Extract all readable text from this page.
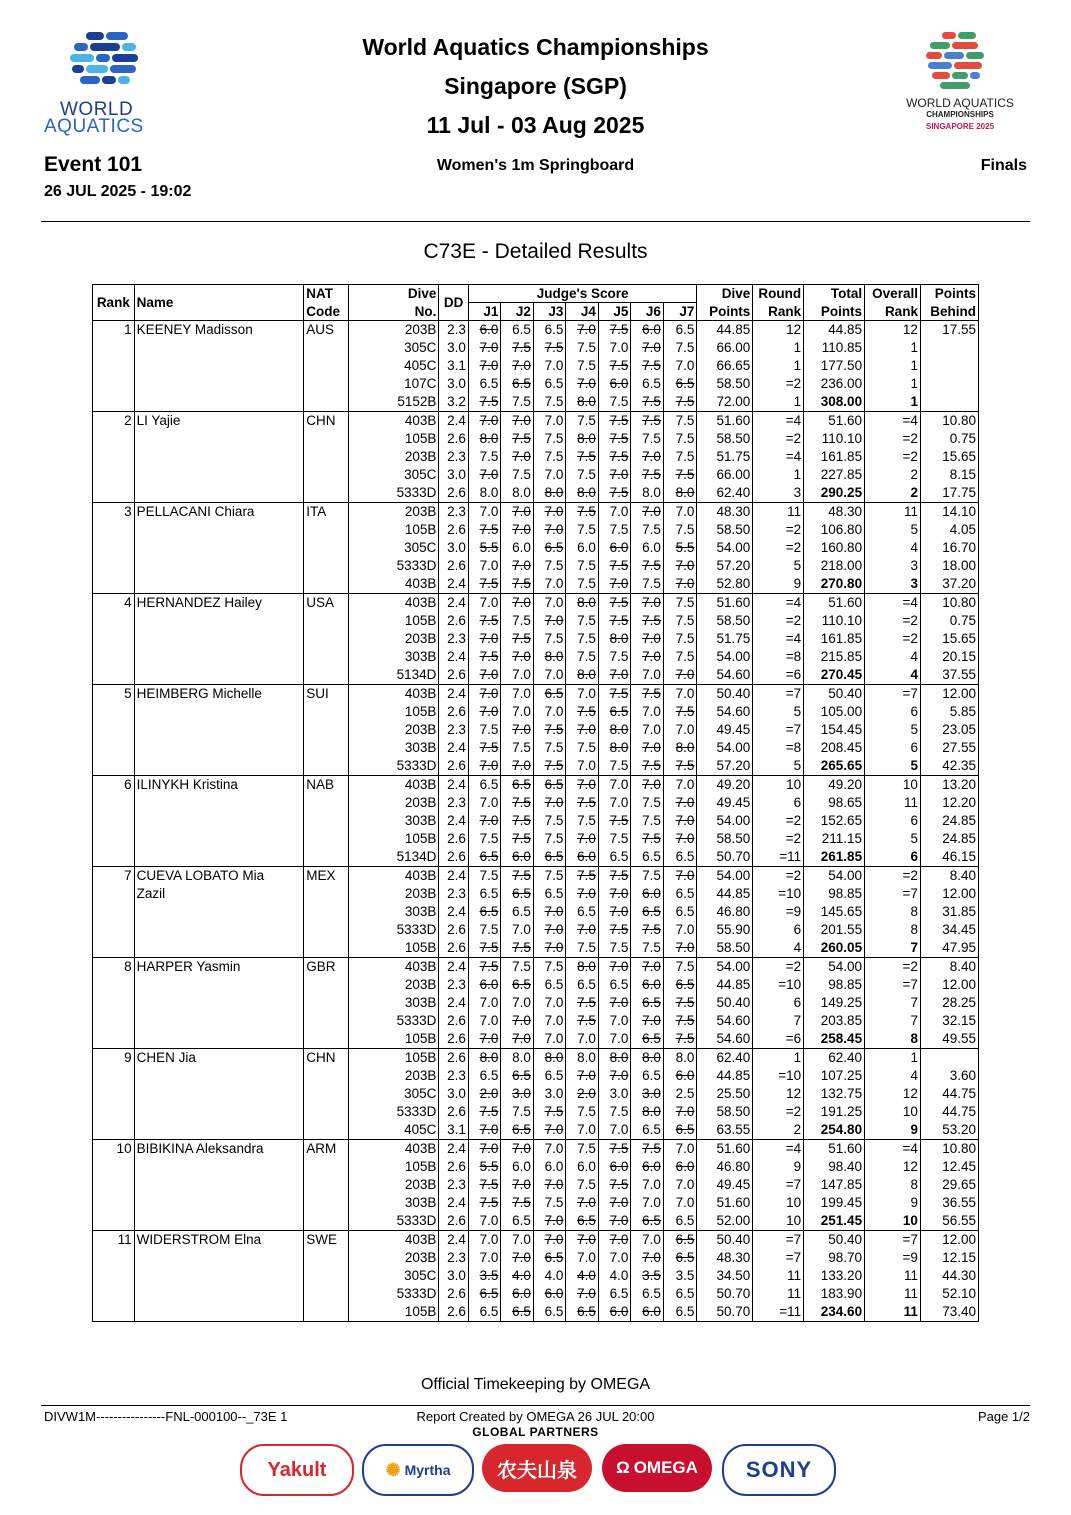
WORLD
AQUATICS
World Aquatics Championships
Singapore (SGP)
11 Jul - 03 Aug 2025
WORLD AQUATICS
CHAMPIONSHIPS
SINGAPORE 2025
Event 101
26 JUL 2025 - 19:02
Women's 1m Springboard	Finals
C73E - Detailed Results
Rank	Name	NAT	Dive	DD	Judge's Score							Dive	Round	Total	Overall	Points
		Code	No.		J1	J2	J3	J4	J5	J6	J7	Points	Rank	Points	Rank	Behind
1	KEENEY Madisson	AUS	203B	2.3	6.0	6.5	6.5	7.0	7.5	6.0	6.5	44.85	12	44.85	12	17.55
			305C	3.0	7.0	7.5	7.5	7.5	7.0	7.0	7.5	66.00	1	110.85	1	
			405C	3.1	7.0	7.0	7.0	7.5	7.5	7.5	7.0	66.65	1	177.50	1	
			107C	3.0	6.5	6.5	6.5	7.0	6.0	6.5	6.5	58.50	=2	236.00	1	
			5152B	3.2	7.5	7.5	7.5	8.0	7.5	7.5	7.5	72.00	1	308.00	1	
2	LI Yajie	CHN	403B	2.4	7.0	7.0	7.0	7.5	7.5	7.5	7.5	51.60	=4	51.60	=4	10.80
			105B	2.6	8.0	7.5	7.5	8.0	7.5	7.5	7.5	58.50	=2	110.10	=2	0.75
			203B	2.3	7.5	7.0	7.5	7.5	7.5	7.0	7.5	51.75	=4	161.85	=2	15.65
			305C	3.0	7.0	7.5	7.0	7.5	7.0	7.5	7.5	66.00	1	227.85	2	8.15
			5333D	2.6	8.0	8.0	8.0	8.0	7.5	8.0	8.0	62.40	3	290.25	2	17.75
3	PELLACANI Chiara	ITA	203B	2.3	7.0	7.0	7.0	7.5	7.0	7.0	7.0	48.30	11	48.30	11	14.10
			105B	2.6	7.5	7.0	7.0	7.5	7.5	7.5	7.5	58.50	=2	106.80	5	4.05
			305C	3.0	5.5	6.0	6.5	6.0	6.0	6.0	5.5	54.00	=2	160.80	4	16.70
			5333D	2.6	7.0	7.0	7.5	7.5	7.5	7.5	7.0	57.20	5	218.00	3	18.00
			403B	2.4	7.5	7.5	7.0	7.5	7.0	7.5	7.0	52.80	9	270.80	3	37.20
4	HERNANDEZ Hailey	USA	403B	2.4	7.0	7.0	7.0	8.0	7.5	7.0	7.5	51.60	=4	51.60	=4	10.80
			105B	2.6	7.5	7.5	7.0	7.5	7.5	7.5	7.5	58.50	=2	110.10	=2	0.75
			203B	2.3	7.0	7.5	7.5	7.5	8.0	7.0	7.5	51.75	=4	161.85	=2	15.65
			303B	2.4	7.5	7.0	8.0	7.5	7.5	7.0	7.5	54.00	=8	215.85	4	20.15
			5134D	2.6	7.0	7.0	7.0	8.0	7.0	7.0	7.0	54.60	=6	270.45	4	37.55
5	HEIMBERG Michelle	SUI	403B	2.4	7.0	7.0	6.5	7.0	7.5	7.5	7.0	50.40	=7	50.40	=7	12.00
			105B	2.6	7.0	7.0	7.0	7.5	6.5	7.0	7.5	54.60	5	105.00	6	5.85
			203B	2.3	7.5	7.0	7.5	7.0	8.0	7.0	7.0	49.45	=7	154.45	5	23.05
			303B	2.4	7.5	7.5	7.5	7.5	8.0	7.0	8.0	54.00	=8	208.45	6	27.55
			5333D	2.6	7.0	7.0	7.5	7.0	7.5	7.5	7.5	57.20	5	265.65	5	42.35
6	ILINYKH Kristina	NAB	403B	2.4	6.5	6.5	6.5	7.0	7.0	7.0	7.0	49.20	10	49.20	10	13.20
			203B	2.3	7.0	7.5	7.0	7.5	7.0	7.5	7.0	49.45	6	98.65	11	12.20
			303B	2.4	7.0	7.5	7.5	7.5	7.5	7.5	7.0	54.00	=2	152.65	6	24.85
			105B	2.6	7.5	7.5	7.5	7.0	7.5	7.5	7.0	58.50	=2	211.15	5	24.85
			5134D	2.6	6.5	6.0	6.5	6.0	6.5	6.5	6.5	50.70	=11	261.85	6	46.15
7	CUEVA LOBATO Mia	MEX	403B	2.4	7.5	7.5	7.5	7.5	7.5	7.5	7.0	54.00	=2	54.00	=2	8.40
	Zazil		203B	2.3	6.5	6.5	6.5	7.0	7.0	6.0	6.5	44.85	=10	98.85	=7	12.00
			303B	2.4	6.5	6.5	7.0	6.5	7.0	6.5	6.5	46.80	=9	145.65	8	31.85
			5333D	2.6	7.5	7.0	7.0	7.0	7.5	7.5	7.0	55.90	6	201.55	8	34.45
			105B	2.6	7.5	7.5	7.0	7.5	7.5	7.5	7.0	58.50	4	260.05	7	47.95
8	HARPER Yasmin	GBR	403B	2.4	7.5	7.5	7.5	8.0	7.0	7.0	7.5	54.00	=2	54.00	=2	8.40
			203B	2.3	6.0	6.5	6.5	6.5	6.5	6.0	6.5	44.85	=10	98.85	=7	12.00
			303B	2.4	7.0	7.0	7.0	7.5	7.0	6.5	7.5	50.40	6	149.25	7	28.25
			5333D	2.6	7.0	7.0	7.0	7.5	7.0	7.0	7.5	54.60	7	203.85	7	32.15
			105B	2.6	7.0	7.0	7.0	7.0	7.0	6.5	7.5	54.60	=6	258.45	8	49.55
9	CHEN Jia	CHN	105B	2.6	8.0	8.0	8.0	8.0	8.0	8.0	8.0	62.40	1	62.40	1	
			203B	2.3	6.5	6.5	6.5	7.0	7.0	6.5	6.0	44.85	=10	107.25	4	3.60
			305C	3.0	2.0	3.0	3.0	2.0	3.0	3.0	2.5	25.50	12	132.75	12	44.75
			5333D	2.6	7.5	7.5	7.5	7.5	7.5	8.0	7.0	58.50	=2	191.25	10	44.75
			405C	3.1	7.0	6.5	7.0	7.0	7.0	6.5	6.5	63.55	2	254.80	9	53.20
10	BIBIKINA Aleksandra	ARM	403B	2.4	7.0	7.0	7.0	7.5	7.5	7.5	7.0	51.60	=4	51.60	=4	10.80
			105B	2.6	5.5	6.0	6.0	6.0	6.0	6.0	6.0	46.80	9	98.40	12	12.45
			203B	2.3	7.5	7.0	7.0	7.5	7.5	7.0	7.0	49.45	=7	147.85	8	29.65
			303B	2.4	7.5	7.5	7.5	7.0	7.0	7.0	7.0	51.60	10	199.45	9	36.55
			5333D	2.6	7.0	6.5	7.0	6.5	7.0	6.5	6.5	52.00	10	251.45	10	56.55
11	WIDERSTROM Elna	SWE	403B	2.4	7.0	7.0	7.0	7.0	7.0	7.0	6.5	50.40	=7	50.40	=7	12.00
			203B	2.3	7.0	7.0	6.5	7.0	7.0	7.0	6.5	48.30	=7	98.70	=9	12.15
			305C	3.0	3.5	4.0	4.0	4.0	4.0	3.5	3.5	34.50	11	133.20	11	44.30
			5333D	2.6	6.5	6.0	6.0	7.0	6.5	6.5	6.5	50.70	11	183.90	11	52.10
			105B	2.6	6.5	6.5	6.5	6.5	6.0	6.0	6.5	50.70	=11	234.60	11	73.40
Official Timekeeping by OMEGA
DIVW1M----------------FNL-000100--_73E 1	Report Created by OMEGA 26 JUL 20:00	Page 1/2
GLOBAL PARTNERS
Yakult	✺ Myrtha 农夫山泉 Ω OMEGA SONY
